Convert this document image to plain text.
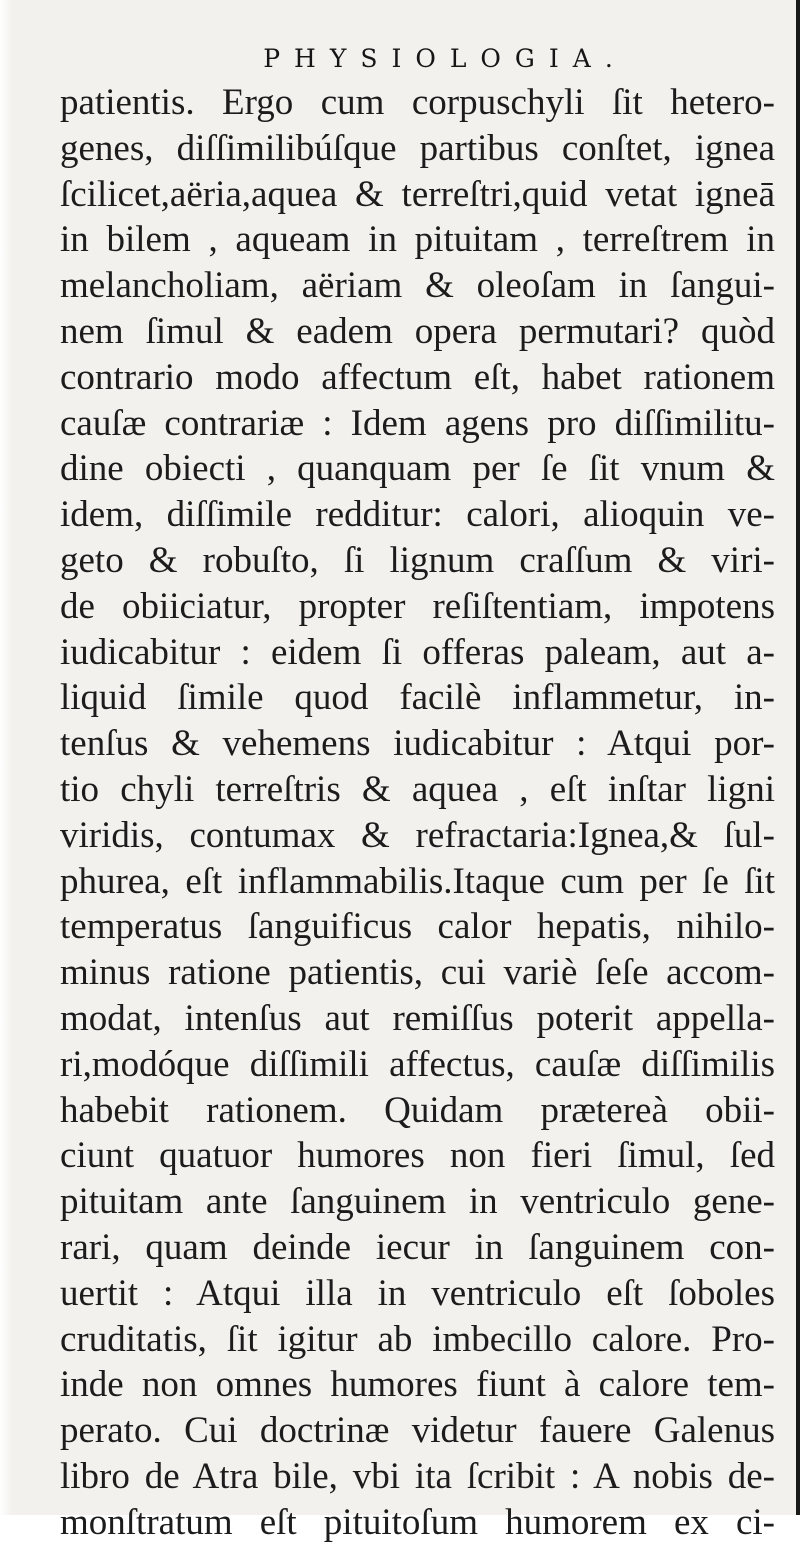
PHYSIOLOGIA.
patientis. Ergo cum corpuschyli ſit hetero-
genes, diſſimilibúſque partibus conſtet, ignea
ſcilicet,aëria,aquea & terreſtri,quid vetat igneā
in bilem , aqueam in pituitam , terreſtrem in
melancholiam, aëriam & oleoſam in ſangui-
nem ſimul & eadem opera permutari? quòd
contrario modo affectum eſt, habet rationem
cauſæ contrariæ : Idem agens pro diſſimilitu-
dine obiecti , quanquam per ſe ſit vnum &
idem, diſſimile redditur: calori, alioquin ve-
geto & robuſto, ſi lignum craſſum & viri-
de obiiciatur, propter reſiſtentiam, impotens
iudicabitur : eidem ſi offeras paleam, aut a-
liquid ſimile quod facilè inflammetur, in-
tenſus & vehemens iudicabitur : Atqui por-
tio chyli terreſtris & aquea , eſt inſtar ligni
viridis, contumax & refractaria:Ignea,& ſul-
phurea, eſt inflammabilis.Itaque cum per ſe ſit
temperatus ſanguificus calor hepatis, nihilo-
minus ratione patientis, cui variè ſeſe accom-
modat, intenſus aut remiſſus poterit appella-
ri,modóque diſſimili affectus, cauſæ diſſimilis
habebit rationem. Quidam prætereà obii-
ciunt quatuor humores non fieri ſimul, ſed
pituitam ante ſanguinem in ventriculo gene-
rari, quam deinde iecur in ſanguinem con-
uertit : Atqui illa in ventriculo eſt ſoboles
cruditatis, ſit igitur ab imbecillo calore. Pro-
inde non omnes humores fiunt à calore tem-
perato. Cui doctrinæ videtur fauere Galenus
libro de Atra bile, vbi ita ſcribit : A nobis de-
monſtratum eſt pituitoſum humorem ex ci-
